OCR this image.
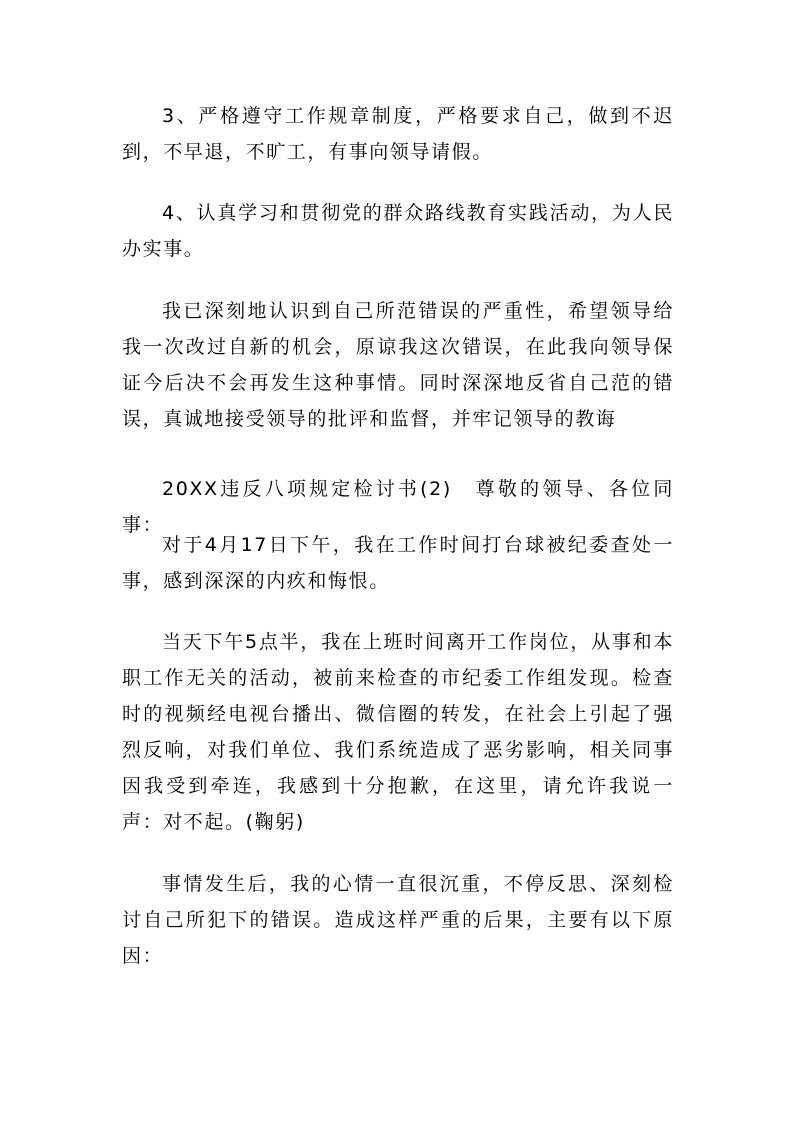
3、严格遵守工作规章制度，严格要求自己，做到不迟到，不早退，不旷工，有事向领导请假。

4、认真学习和贯彻党的群众路线教育实践活动，为人民办实事。

我已深刻地认识到自己所范错误的严重性，希望领导给我一次改过自新的机会，原谅我这次错误，在此我向领导保证今后决不会再发生这种事情。同时深深地反省自己范的错误，真诚地接受领导的批评和监督，并牢记领导的教诲

20XX违反八项规定检讨书(2)　尊敬的领导、各位同事：

对于4月17日下午，我在工作时间打台球被纪委查处一事，感到深深的内疚和悔恨。

当天下午5点半，我在上班时间离开工作岗位，从事和本职工作无关的活动，被前来检查的市纪委工作组发现。检查时的视频经电视台播出、微信圈的转发，在社会上引起了强烈反响，对我们单位、我们系统造成了恶劣影响，相关同事因我受到牵连，我感到十分抱歉，在这里，请允许我说一声：对不起。(鞠躬)

事情发生后，我的心情一直很沉重，不停反思、深刻检讨自己所犯下的错误。造成这样严重的后果，主要有以下原因：
